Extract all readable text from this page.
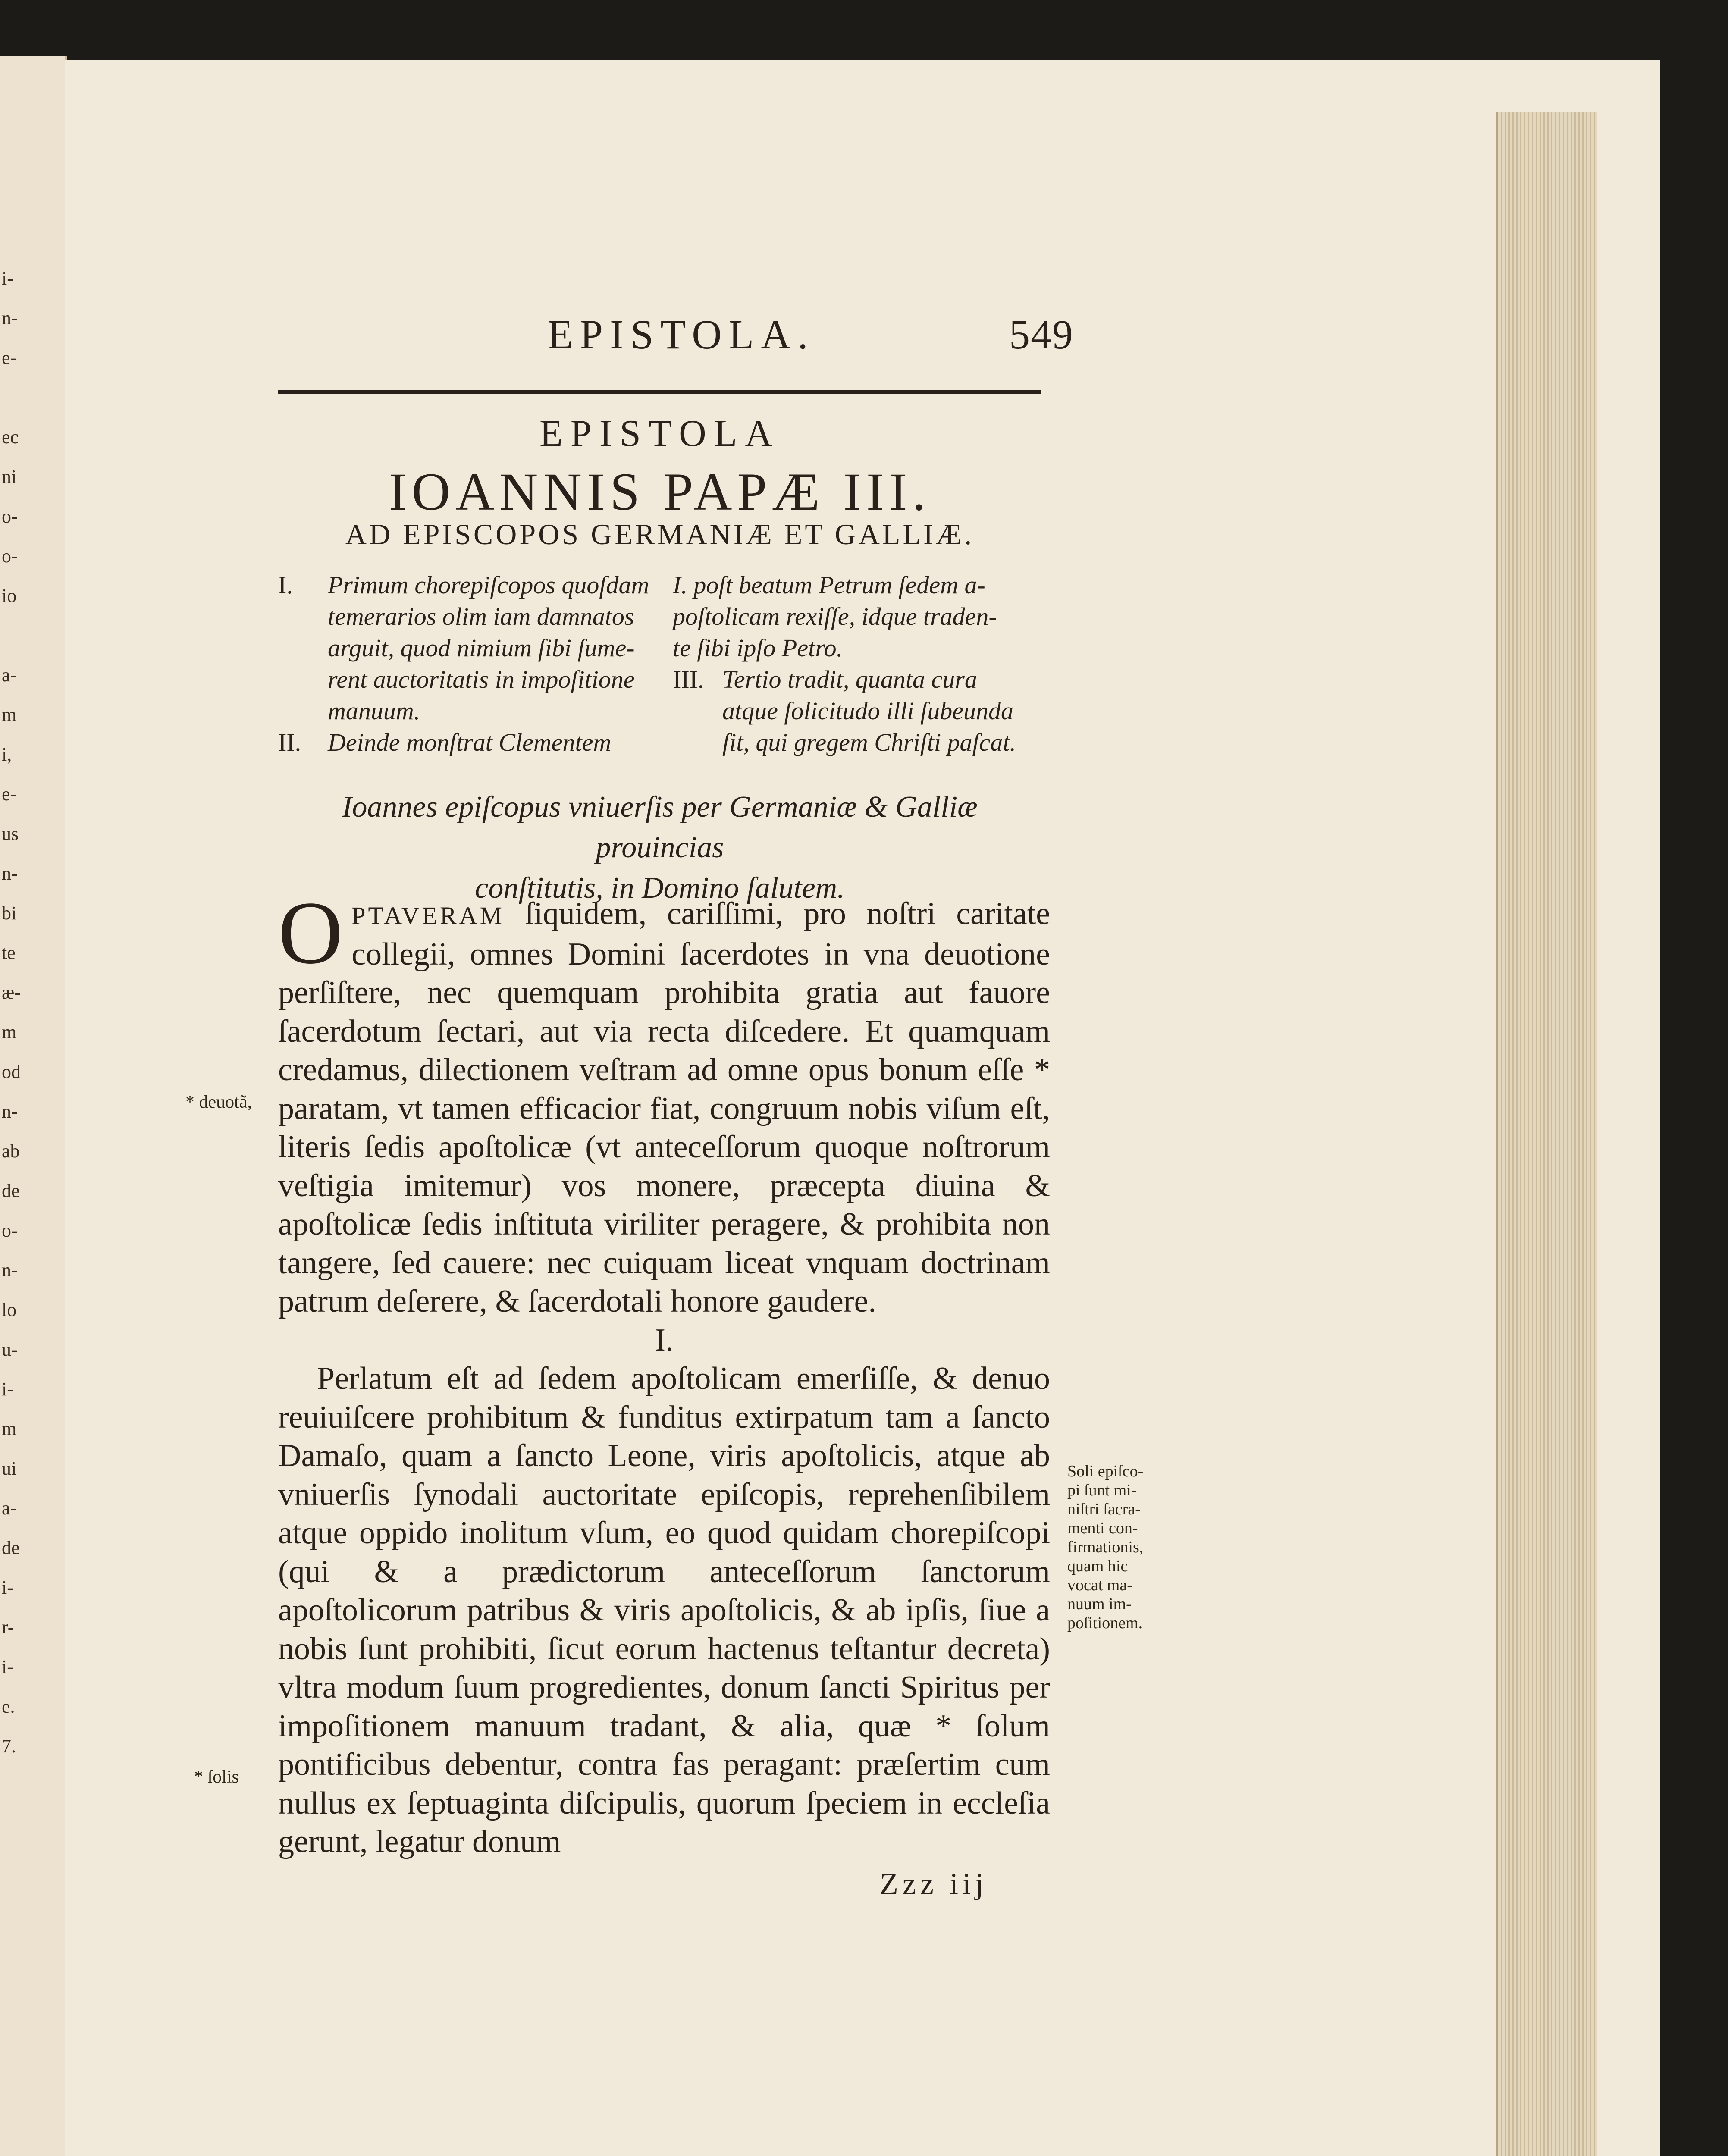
i-
n-
e-
ec
ni
o-
o-
io
a-
m
i,
e-
us
n-
bi
te
æ-
m
od
n-
ab
de
o-
n-
lo
u-
i-
m
ui
a-
de
i-
r-
i-
e.
7.
EPISTOLA.	549
EPISTOLA
IOANNIS PAPÆ III.
AD EPISCOPOS GERMANIÆ ET GALLIÆ.
I.	Primum chorepiſcopos quoſdam
temerarios olim iam damnatos
arguit, quod nimium ſibi ſume-
rent auctoritatis in impoſitione
manuum.
II.	Deinde monſtrat Clementem
I. poſt beatum Petrum ſedem a-
poſtolicam rexiſſe, idque traden-
te ſibi ipſo Petro.
III. Tertio tradit, quanta cura
atque ſolicitudo illi ſubeunda
ſit, qui gregem Chriſti paſcat.
Ioannes epiſcopus vniuerſis per Germaniæ & Galliæ prouincias
conſtitutis, in Domino ſalutem.

OPTAVERAM ſiquidem, cariſſimi, pro noſtri caritate collegii, omnes Domini ſacerdotes in vna deuotione perſiſtere, nec quemquam prohibita gratia aut fauore ſacerdotum ſectari, aut via recta diſcedere. Et quamquam credamus, dilectionem veſtram ad omne opus bonum eſſe * paratam, vt tamen efficacior fiat, congruum nobis viſum eſt, literis ſedis apoſtolicæ (vt anteceſſorum quoque noſtrorum veſtigia imitemur) vos monere, præcepta diuina & apoſtolicæ ſedis inſtituta viriliter peragere, & prohibita non tangere, ſed cauere: nec cuiquam liceat vnquam doctrinam patrum deſerere, & ſacerdotali honore gaudere.

I.

Perlatum eſt ad ſedem apoſtolicam emerſiſſe, & denuo reuiuiſcere prohibitum & funditus extirpatum tam a ſancto Damaſo, quam a ſancto Leone, viris apoſtolicis, atque ab vniuerſis ſynodali auctoritate epiſcopis, reprehenſibilem atque oppido inolitum vſum, eo quod quidam chorepiſcopi (qui & a prædictorum anteceſſorum ſanctorum apoſtolicorum patribus & viris apoſtolicis, & ab ipſis, ſiue a nobis ſunt prohibiti, ſicut eorum hactenus teſtantur decreta) vltra modum ſuum progredientes, donum ſancti Spiritus per impoſitionem manuum tradant, & alia, quæ * ſolum pontificibus debentur, contra fas peragant: præſertim cum nullus ex ſeptuaginta diſcipulis, quorum ſpeciem in eccleſia gerunt, legatur donum

* deuotã,
* ſolis
Soli epiſco-
pi ſunt mi-
niſtri ſacra-
menti con-
firmationis,
quam hic
vocat ma-
nuum im-
poſitionem.
Zzz iij
